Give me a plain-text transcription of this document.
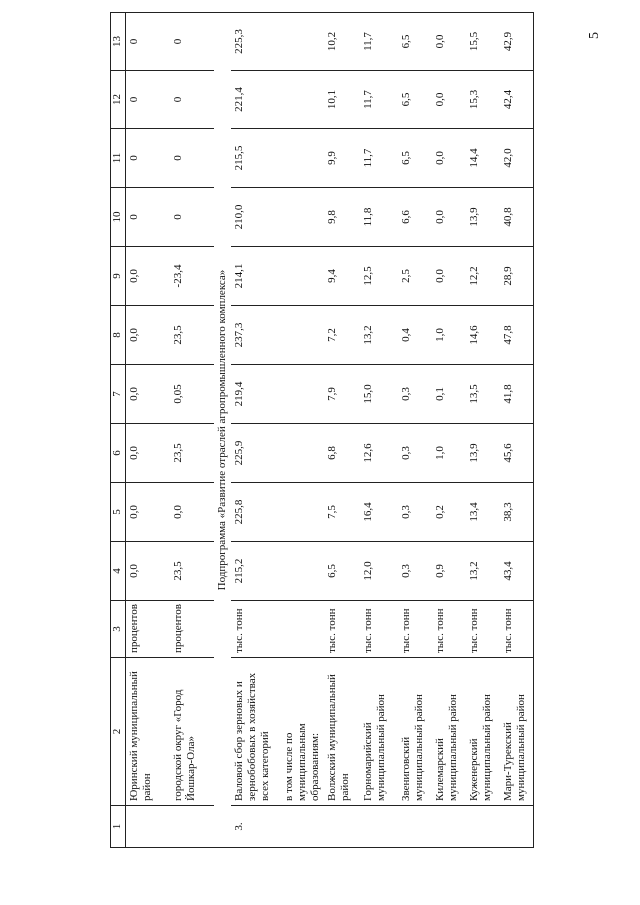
5
1	2	3	4	5	6	7	8	9	10	11	12	13
	Юринский муниципальный район	процентов	0,0	0,0	0,0	0,0	0,0	0,0	0	0	0	0
	городской округ «Город Йошкар-Ола»	процентов	23,5	0,0	23,5	0,05	23,5	-23,4	0	0	0	0
Подпрограмма «Развитие отраслей агропромышленного комплекса»												
3.	Валовой сбор зерновых и зернобобовых в хозяйствах всех категорий	тыс. тонн	215,2	225,8	225,9	219,4	237,3	214,1	210,0	215,5	221,4	225,3
	в том числе по муниципальным образованиям:											
	Волжский муниципальный район	тыс. тонн	6,5	7,5	6,8	7,9	7,2	9,4	9,8	9,9	10,1	10,2
	Горномарийский муниципальный район	тыс. тонн	12,0	16,4	12,6	15,0	13,2	12,5	11,8	11,7	11,7	11,7
	Звениговский муниципальный район	тыс. тонн	0,3	0,3	0,3	0,3	0,4	2,5	6,6	6,5	6,5	6,5
	Килемарский муниципальный район	тыс. тонн	0,9	0,2	1,0	0,1	1,0	0,0	0,0	0,0	0,0	0,0
	Куженерский муниципальный район	тыс. тонн	13,2	13,4	13,9	13,5	14,6	12,2	13,9	14,4	15,3	15,5
	Мари-Турекский муниципальный район	тыс. тонн	43,4	38,3	45,6	41,8	47,8	28,9	40,8	42,0	42,4	42,9
